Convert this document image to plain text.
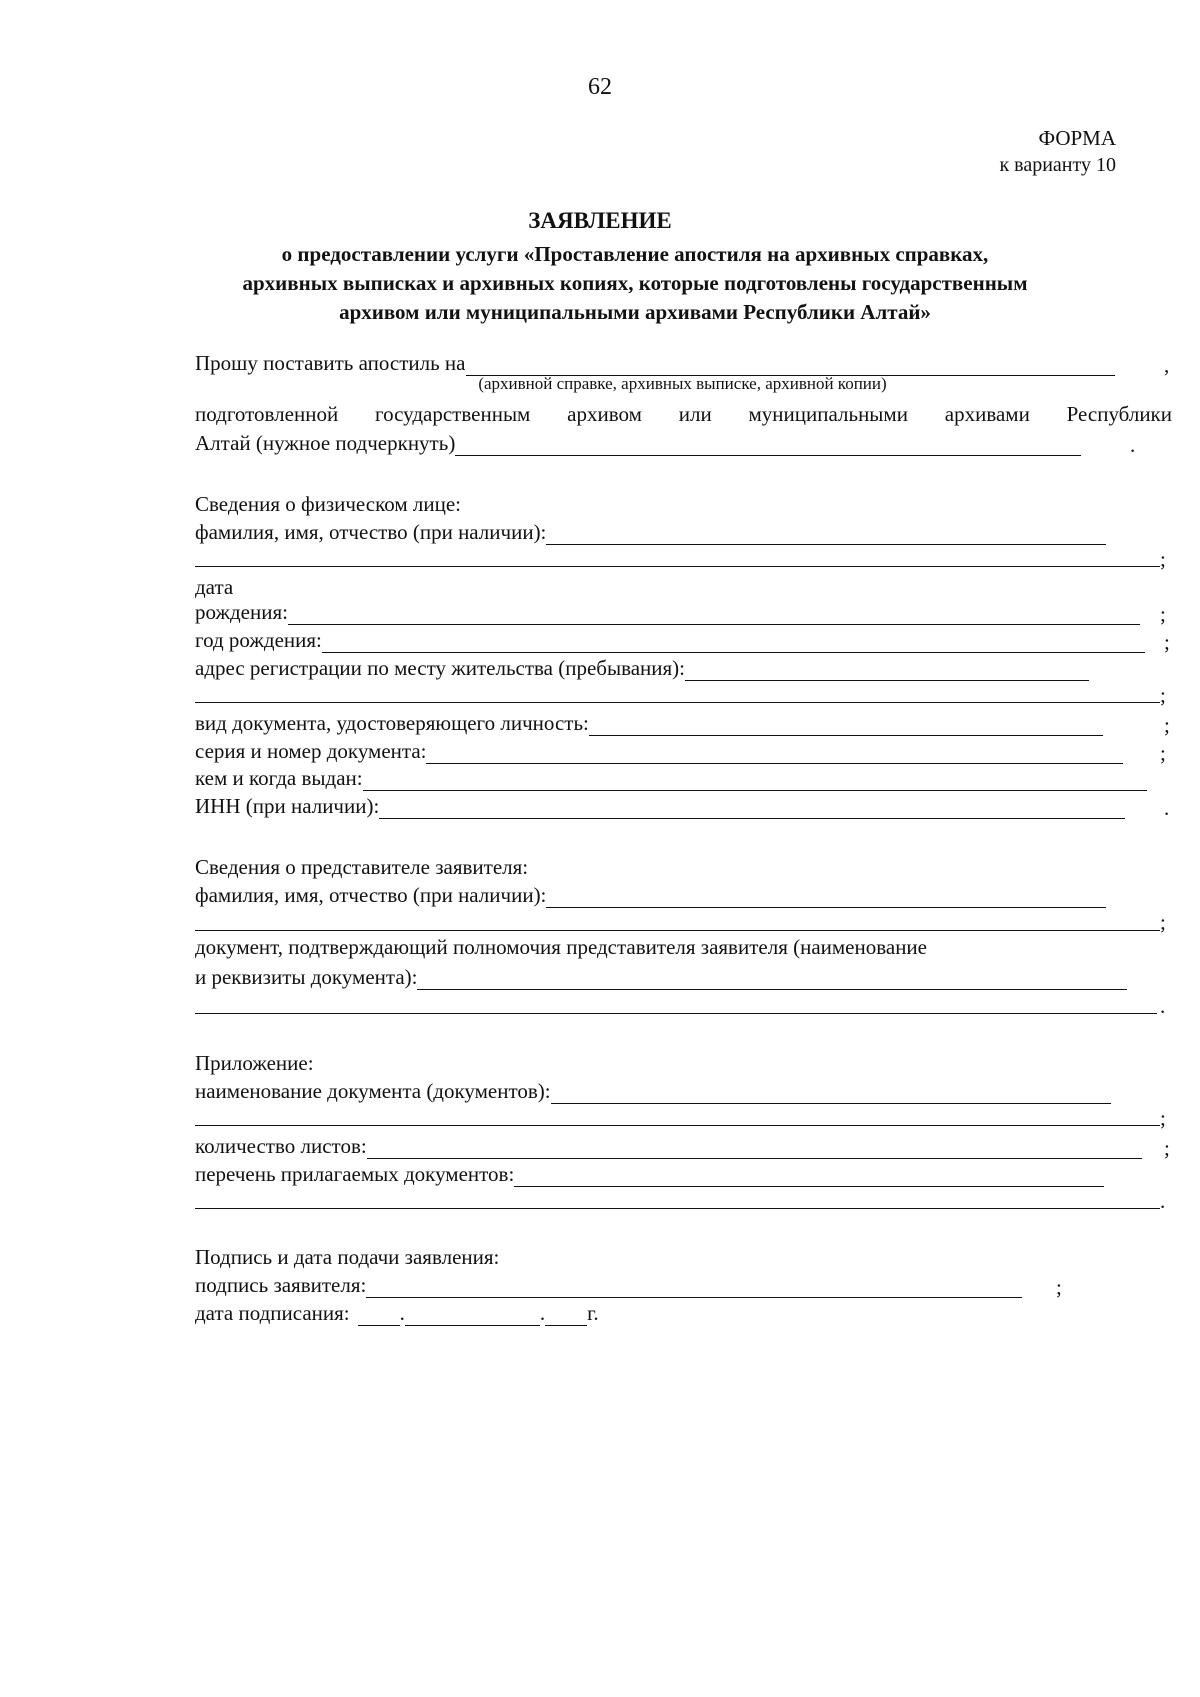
62
ФОРМА
к варианту 10
ЗАЯВЛЕНИЕ
о предоставлении услуги «Проставление апостиля на архивных справках,
архивных выписках и архивных копиях, которые подготовлены государственным
архивом или муниципальными архивами Республики Алтай»
Прошу поставить апостиль на	,
(архивной справке, архивных выписке, архивной копии)
подготовленной государственным архивом или муниципальными архивами Республики
Алтай (нужное подчеркнуть)	.
Сведения о физическом лице:
фамилия, имя, отчество (при наличии):
;
дата
рождения:	;
год рождения:	;
адрес регистрации по месту жительства (пребывания):
;
вид документа, удостоверяющего личность:	;
серия и номер документа:	;
кем и когда выдан:
ИНН (при наличии):	.
Сведения о представителе заявителя:
фамилия, имя, отчество (при наличии):
;
документ, подтверждающий полномочия представителя заявителя (наименование
и реквизиты документа):
.
Приложение:
наименование документа (документов):
;
количество листов:	;
перечень прилагаемых документов:
.
Подпись и дата подачи заявления:
подпись заявителя:	;
дата подписания: .	. г.
